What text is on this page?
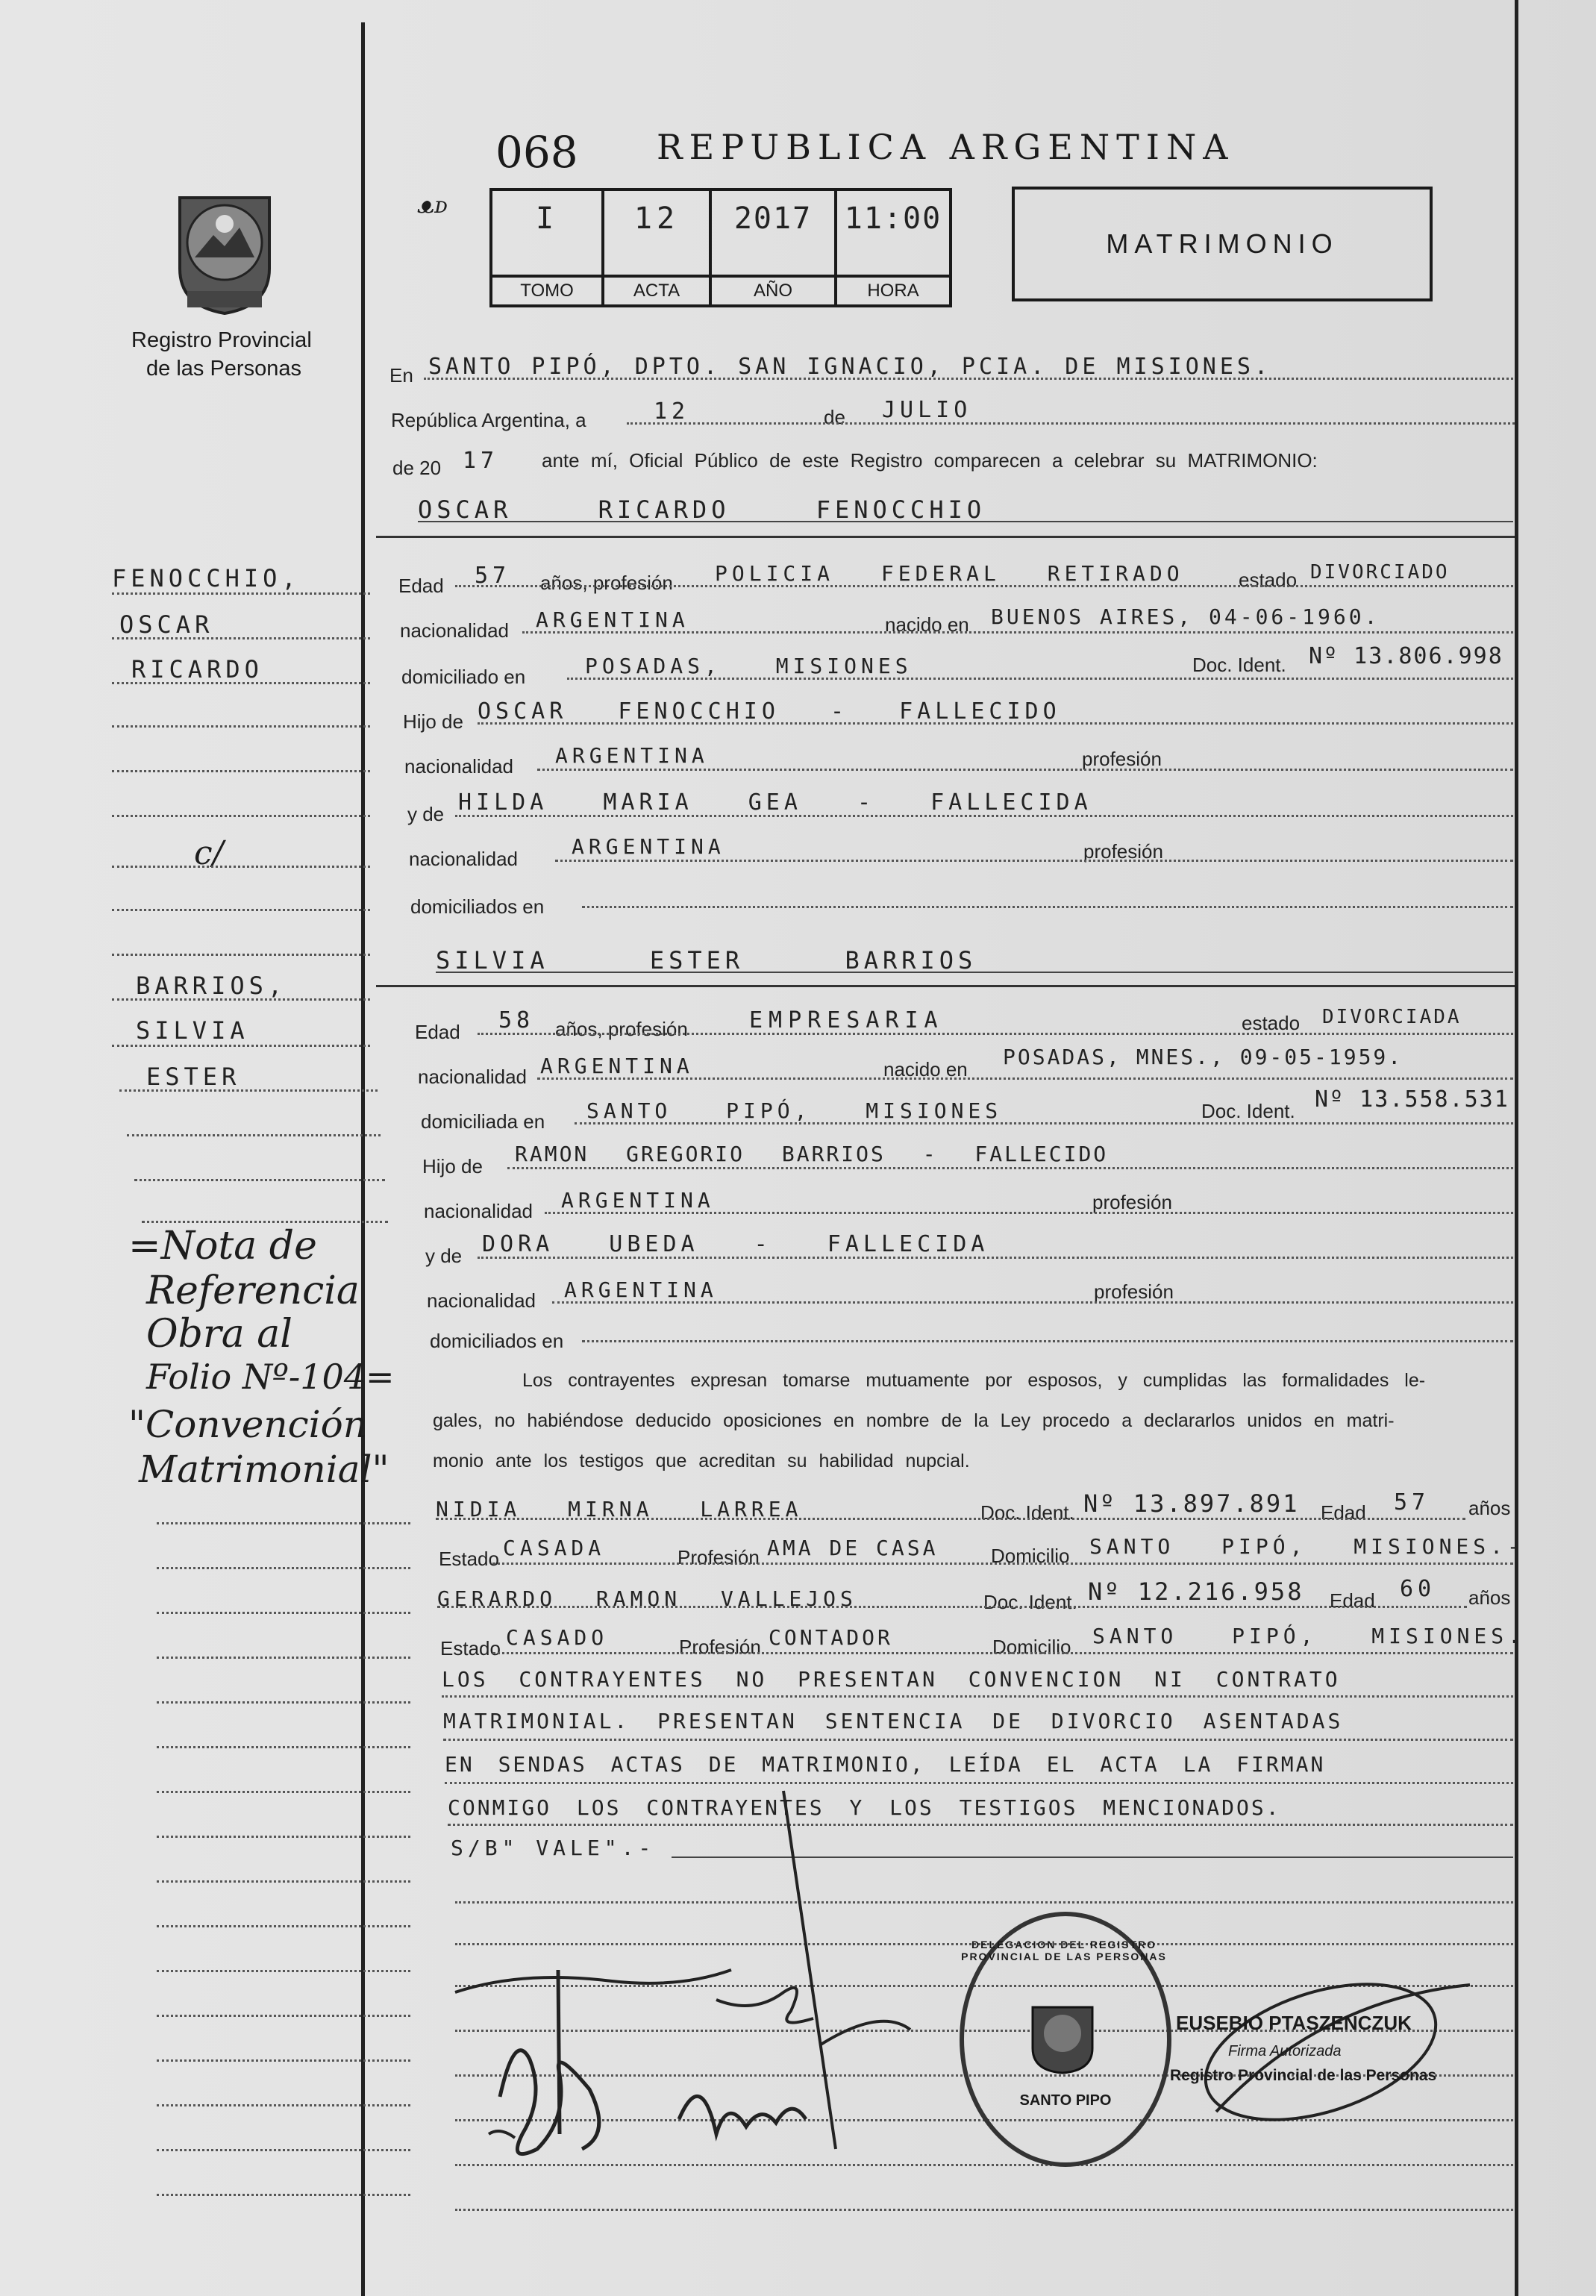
Registro Provincial
de las Personas
068
ᴥᴅ
REPUBLICA ARGENTINA
I
TOMO
12
ACTA
2017
AÑO
11:00
HORA
MATRIMONIO
En SANTO PIPÓ, DPTO. SAN IGNACIO, PCIA. DE MISIONES.
República Argentina, a	12	de JULIO
de 20 17 ante mí, Oficial Público de este Registro comparecen a celebrar su MATRIMONIO:
OSCAR RICARDO FENOCCHIO
Edad 57 años, profesión POLICIA FEDERAL RETIRADO	estado DIVORCIADO
nacionalidad ARGENTINA	nacido en BUENOS AIRES, 04-06-1960.
domiciliado en	POSADAS, MISIONES	Doc. Ident. Nº 13.806.998
Hijo de OSCAR FENOCCHIO - FALLECIDO
nacionalidad ARGENTINA	profesión
y de HILDA MARIA GEA - FALLECIDA
nacionalidad	ARGENTINA	profesión
domiciliados en
SILVIA ESTER BARRIOS
Edad 58 años, profesión	EMPRESARIA	estado DIVORCIADA
nacionalidad ARGENTINA	nacido en POSADAS, MNES., 09-05-1959.
domiciliada en SANTO PIPÓ, MISIONES	Doc. Ident. Nº 13.558.531
Hijo de RAMON GREGORIO BARRIOS - FALLECIDO
nacionalidad ARGENTINA	profesión
y de DORA UBEDA - FALLECIDA
nacionalidad ARGENTINA	profesión
domiciliados en
Los contrayentes expresan tomarse mutuamente por esposos, y cumplidas las formalidades le-
gales, no habiéndose deducido oposiciones en nombre de la Ley procedo a declararlos unidos en matri-
monio ante los testigos que acreditan su habilidad nupcial.
NIDIA MIRNA LARREA	Doc. Ident. Nº 13.897.891 Edad 57 años
Estado CASADA	Profesión AMA DE CASA	Domicilio SANTO PIPÓ, MISIONES.-
GERARDO RAMON VALLEJOS	Doc. Ident. Nº 12.216.958 Edad 60 años
Estado CASADO	Profesión CONTADOR	Domicilio SANTO PIPÓ, MISIONES.
LOS CONTRAYENTES NO PRESENTAN CONVENCION NI CONTRATO
MATRIMONIAL. PRESENTAN SENTENCIA DE DIVORCIO ASENTADAS
EN SENDAS ACTAS DE MATRIMONIO, LEÍDA EL ACTA LA FIRMAN
CONMIGO LOS CONTRAYENTES Y LOS TESTIGOS MENCIONADOS.
S/B" VALE".-
FENOCCHIO,
OSCAR
RICARDO
c/
BARRIOS,
SILVIA
ESTER
=Nota de
Referencia
Obra al
Folio Nº-104=
"Convención
Matrimonial"
DELEGACION DEL REGISTRO PROVINCIAL DE LAS PERSONAS
SANTO PIPO
EUSEBIO PTASZENCZUK
Firma Autorizada
Registro Provincial de las Personas
